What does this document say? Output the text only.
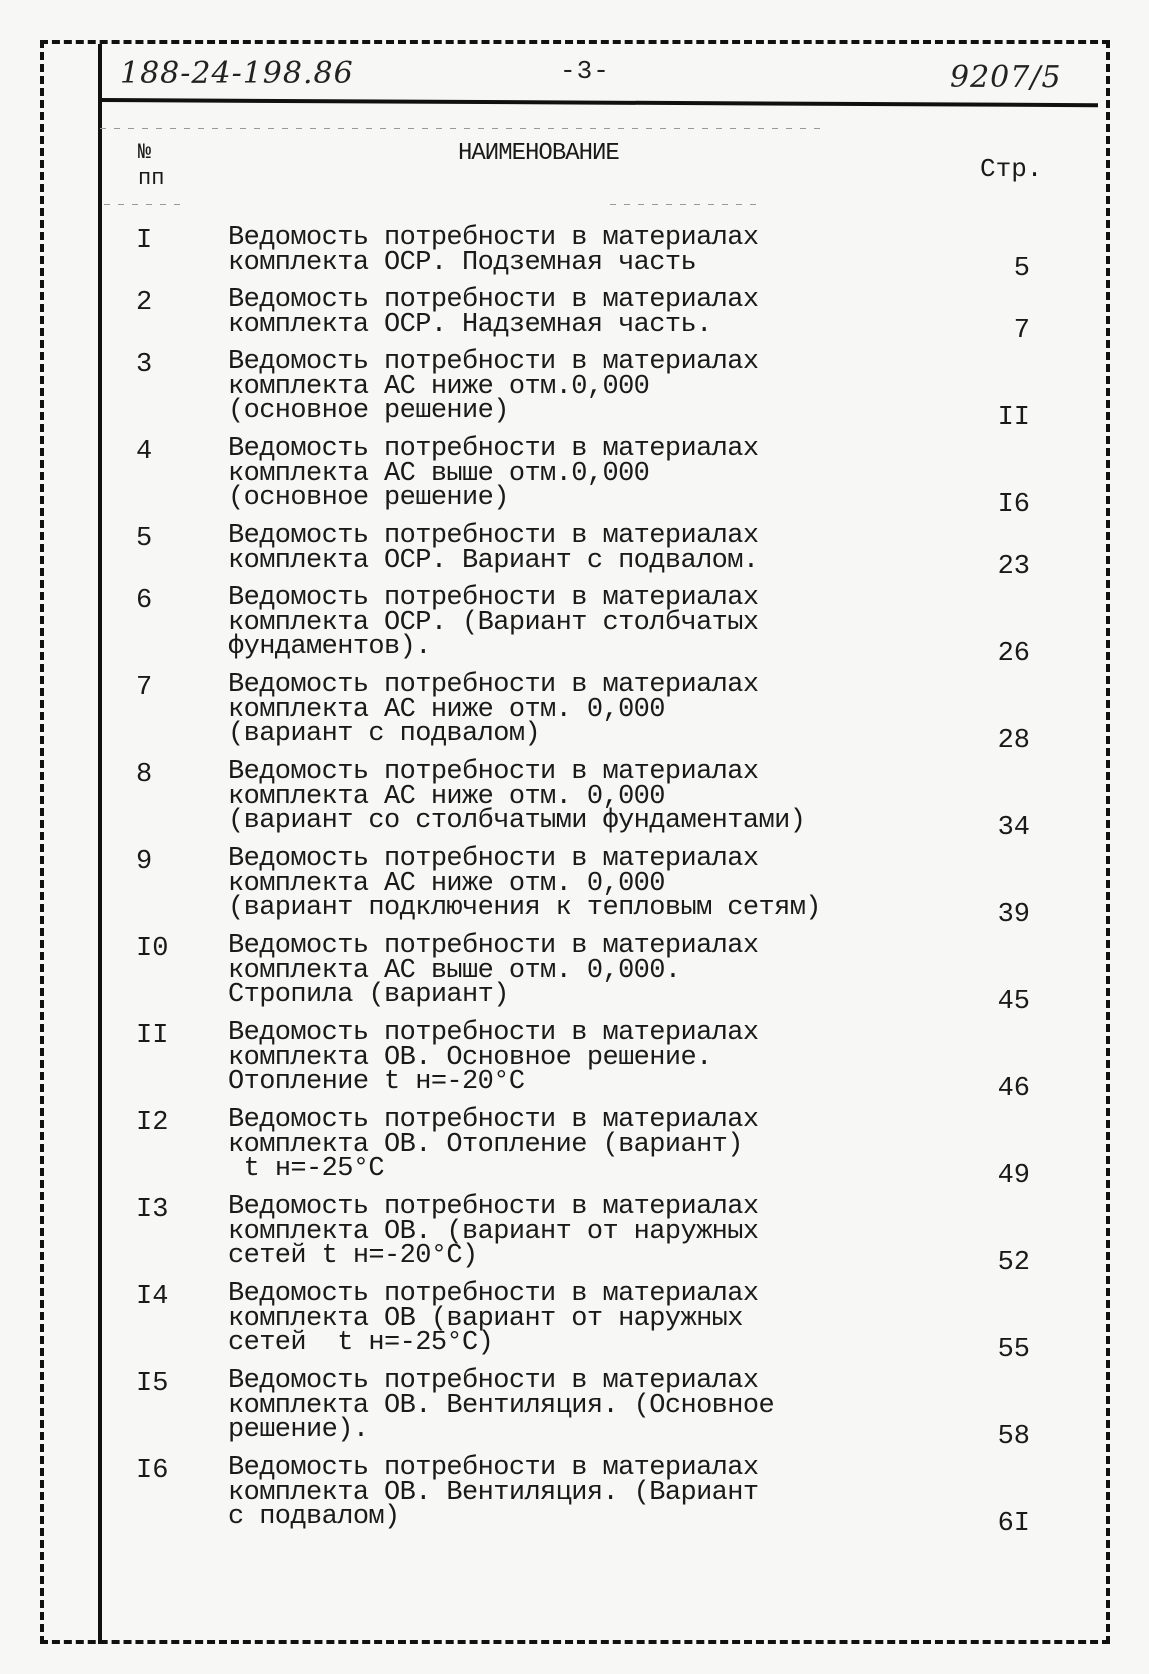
188-24-198.86	-3-	9207/5
№ пп
НАИМЕНОВАНИЕ
Стр.
I	Ведомость потребности в материалах
комплекта ОСР. Подземная часть	5
2	Ведомость потребности в материалах
комплекта ОСР. Надземная часть.	7
3	Ведомость потребности в материалах
комплекта АС ниже отм.0,000
(основное решение)	II
4	Ведомость потребности в материалах
комплекта АС выше отм.0,000
(основное решение)	I6
5	Ведомость потребности в материалах
комплекта ОСР. Вариант с подвалом.	23
6	Ведомость потребности в материалах
комплекта ОСР. (Вариант столбчатых
фундаментов).	26
7	Ведомость потребности в материалах
комплекта АС ниже отм. 0,000
(вариант с подвалом)	28
8	Ведомость потребности в материалах
комплекта АС ниже отм. 0,000
(вариант со столбчатыми фундаментами)	34
9	Ведомость потребности в материалах
комплекта АС ниже отм. 0,000
(вариант подключения к тепловым сетям)	39
I0 Ведомость потребности в материалах
комплекта АС выше отм. 0,000.
Стропила (вариант)	45
II Ведомость потребности в материалах
комплекта ОВ. Основное решение.
Отопление t н=-20°С	46
I2 Ведомость потребности в материалах
комплекта ОВ. Отопление (вариант)
t н=-25°С	49
I3 Ведомость потребности в материалах
комплекта ОВ. (вариант от наружных
сетей t н=-20°С)	52
I4 Ведомость потребности в материалах
комплекта ОВ (вариант от наружных
сетей  t н=-25°С)	55
I5 Ведомость потребности в материалах
комплекта ОВ. Вентиляция. (Основное
решение).	58
I6 Ведомость потребности в материалах
комплекта ОВ. Вентиляция. (Вариант
с подвалом)	6I
